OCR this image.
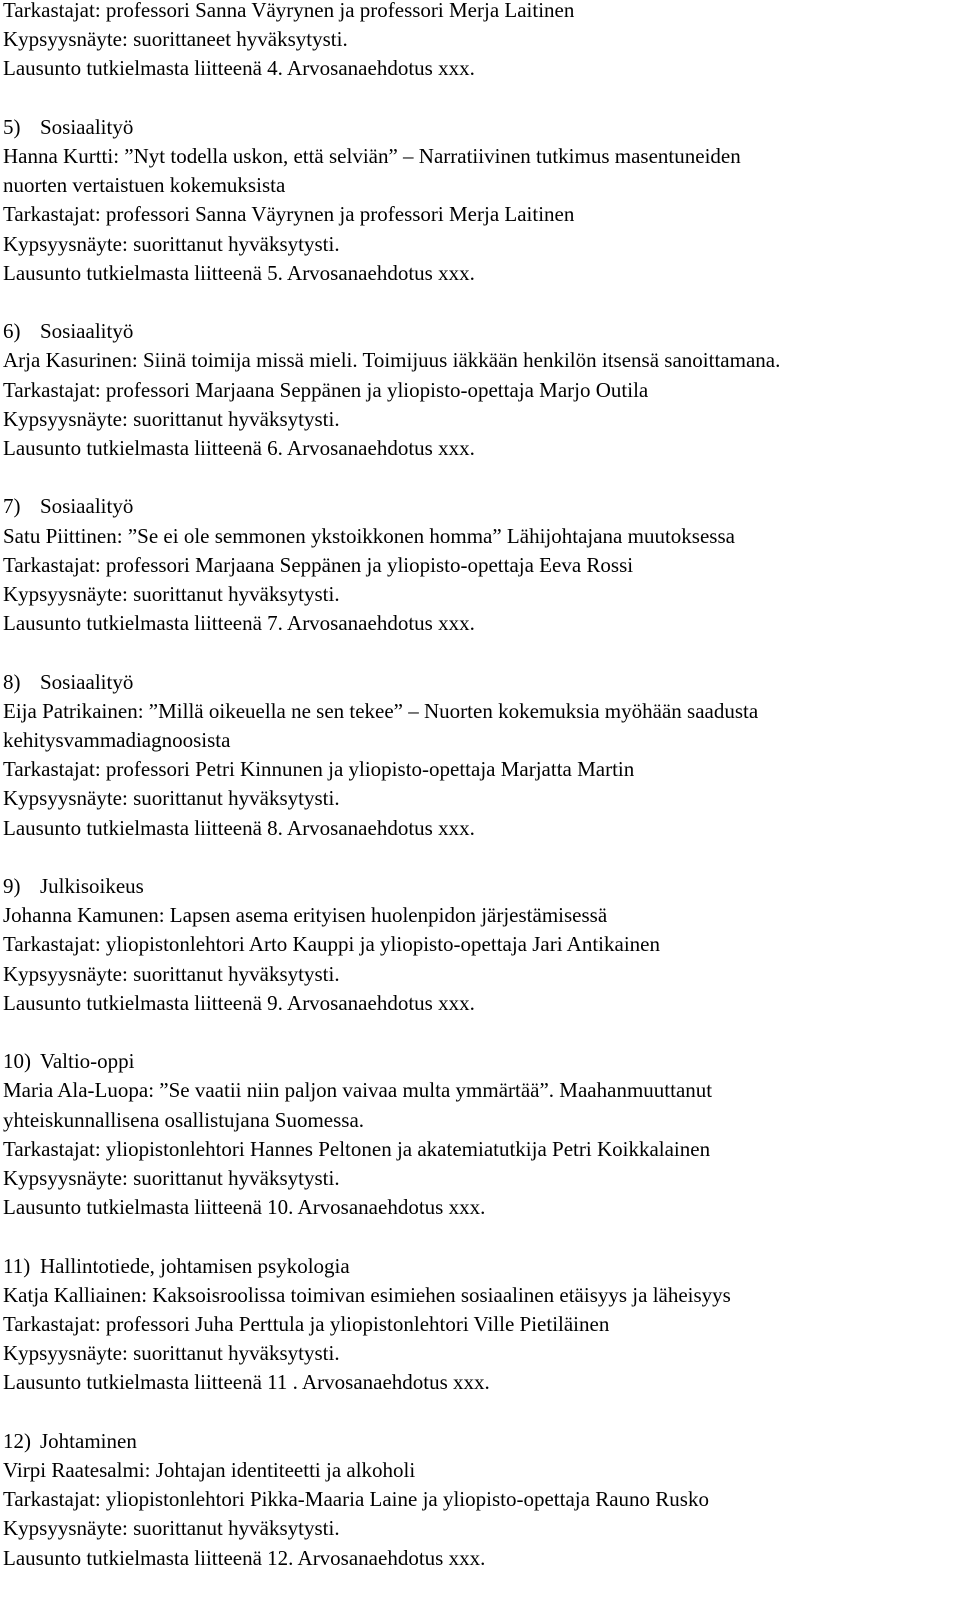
Tarkastajat: professori Sanna Väyrynen ja professori Merja Laitinen
Kypsyysnäyte: suorittaneet hyväksytysti.
Lausunto tutkielmasta liitteenä 4. Arvosanaehdotus xxx.
5) Sosiaalityö
Hanna Kurtti: ”Nyt todella uskon, että selviän” – Narratiivinen tutkimus masentuneiden
nuorten vertaistuen kokemuksista
Tarkastajat: professori Sanna Väyrynen ja professori Merja Laitinen
Kypsyysnäyte: suorittanut hyväksytysti.
Lausunto tutkielmasta liitteenä 5. Arvosanaehdotus xxx.
6) Sosiaalityö
Arja Kasurinen: Siinä toimija missä mieli. Toimijuus iäkkään henkilön itsensä sanoittamana.
Tarkastajat: professori Marjaana Seppänen ja yliopisto-opettaja Marjo Outila
Kypsyysnäyte: suorittanut hyväksytysti.
Lausunto tutkielmasta liitteenä 6. Arvosanaehdotus xxx.
7) Sosiaalityö
Satu Piittinen: ”Se ei ole semmonen ykstoikkonen homma” Lähijohtajana muutoksessa
Tarkastajat: professori Marjaana Seppänen ja yliopisto-opettaja Eeva Rossi
Kypsyysnäyte: suorittanut hyväksytysti.
Lausunto tutkielmasta liitteenä 7. Arvosanaehdotus xxx.
8) Sosiaalityö
Eija Patrikainen: ”Millä oikeuella ne sen tekee” – Nuorten kokemuksia myöhään saadusta
kehitysvammadiagnoosista
Tarkastajat: professori Petri Kinnunen ja yliopisto-opettaja Marjatta Martin
Kypsyysnäyte: suorittanut hyväksytysti.
Lausunto tutkielmasta liitteenä 8. Arvosanaehdotus xxx.
9) Julkisoikeus
Johanna Kamunen: Lapsen asema erityisen huolenpidon järjestämisessä
Tarkastajat: yliopistonlehtori Arto Kauppi ja yliopisto-opettaja Jari Antikainen
Kypsyysnäyte: suorittanut hyväksytysti.
Lausunto tutkielmasta liitteenä 9. Arvosanaehdotus xxx.
10) Valtio-oppi
Maria Ala-Luopa: ”Se vaatii niin paljon vaivaa multa ymmärtää”. Maahanmuuttanut
yhteiskunnallisena osallistujana Suomessa.
Tarkastajat: yliopistonlehtori Hannes Peltonen ja akatemiatutkija Petri Koikkalainen
Kypsyysnäyte: suorittanut hyväksytysti.
Lausunto tutkielmasta liitteenä 10. Arvosanaehdotus xxx.
11) Hallintotiede, johtamisen psykologia
Katja Kalliainen: Kaksoisroolissa toimivan esimiehen sosiaalinen etäisyys ja läheisyys
Tarkastajat: professori Juha Perttula ja yliopistonlehtori Ville Pietiläinen
Kypsyysnäyte: suorittanut hyväksytysti.
Lausunto tutkielmasta liitteenä 11 . Arvosanaehdotus xxx.
12) Johtaminen
Virpi Raatesalmi: Johtajan identiteetti ja alkoholi
Tarkastajat: yliopistonlehtori Pikka-Maaria Laine ja yliopisto-opettaja Rauno Rusko
Kypsyysnäyte: suorittanut hyväksytysti.
Lausunto tutkielmasta liitteenä 12. Arvosanaehdotus xxx.
